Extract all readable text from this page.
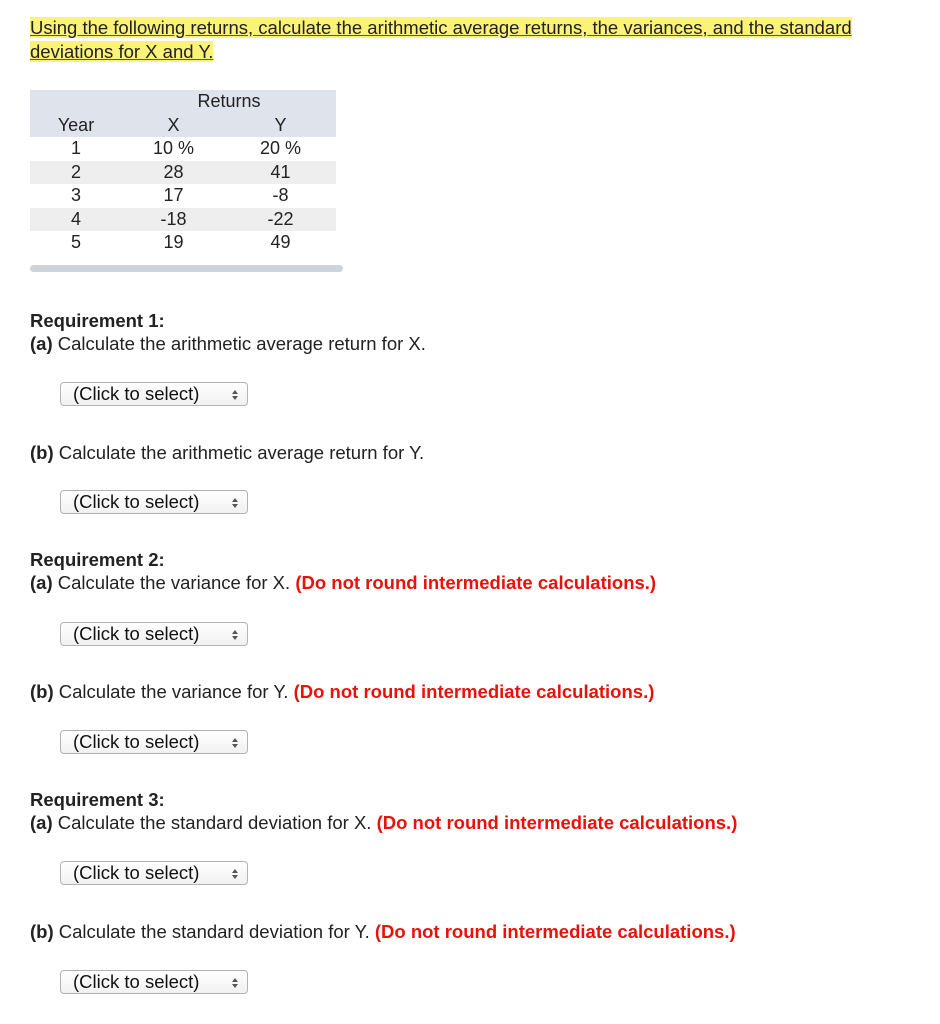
Using the following returns, calculate the arithmetic average returns, the variances, and the standard deviations for X and Y.
	Returns	
Year	X	Y
1	10 %	20 %
2	28	41
3	17	-8
4	-18	-22
5	19	49
Requirement 1:
(a) Calculate the arithmetic average return for X.
(Click to select)
(b) Calculate the arithmetic average return for Y.
(Click to select)
Requirement 2:
(a) Calculate the variance for X. (Do not round intermediate calculations.)
(Click to select)
(b) Calculate the variance for Y. (Do not round intermediate calculations.)
(Click to select)
Requirement 3:
(a) Calculate the standard deviation for X. (Do not round intermediate calculations.)
(Click to select)
(b) Calculate the standard deviation for Y. (Do not round intermediate calculations.)
(Click to select)
